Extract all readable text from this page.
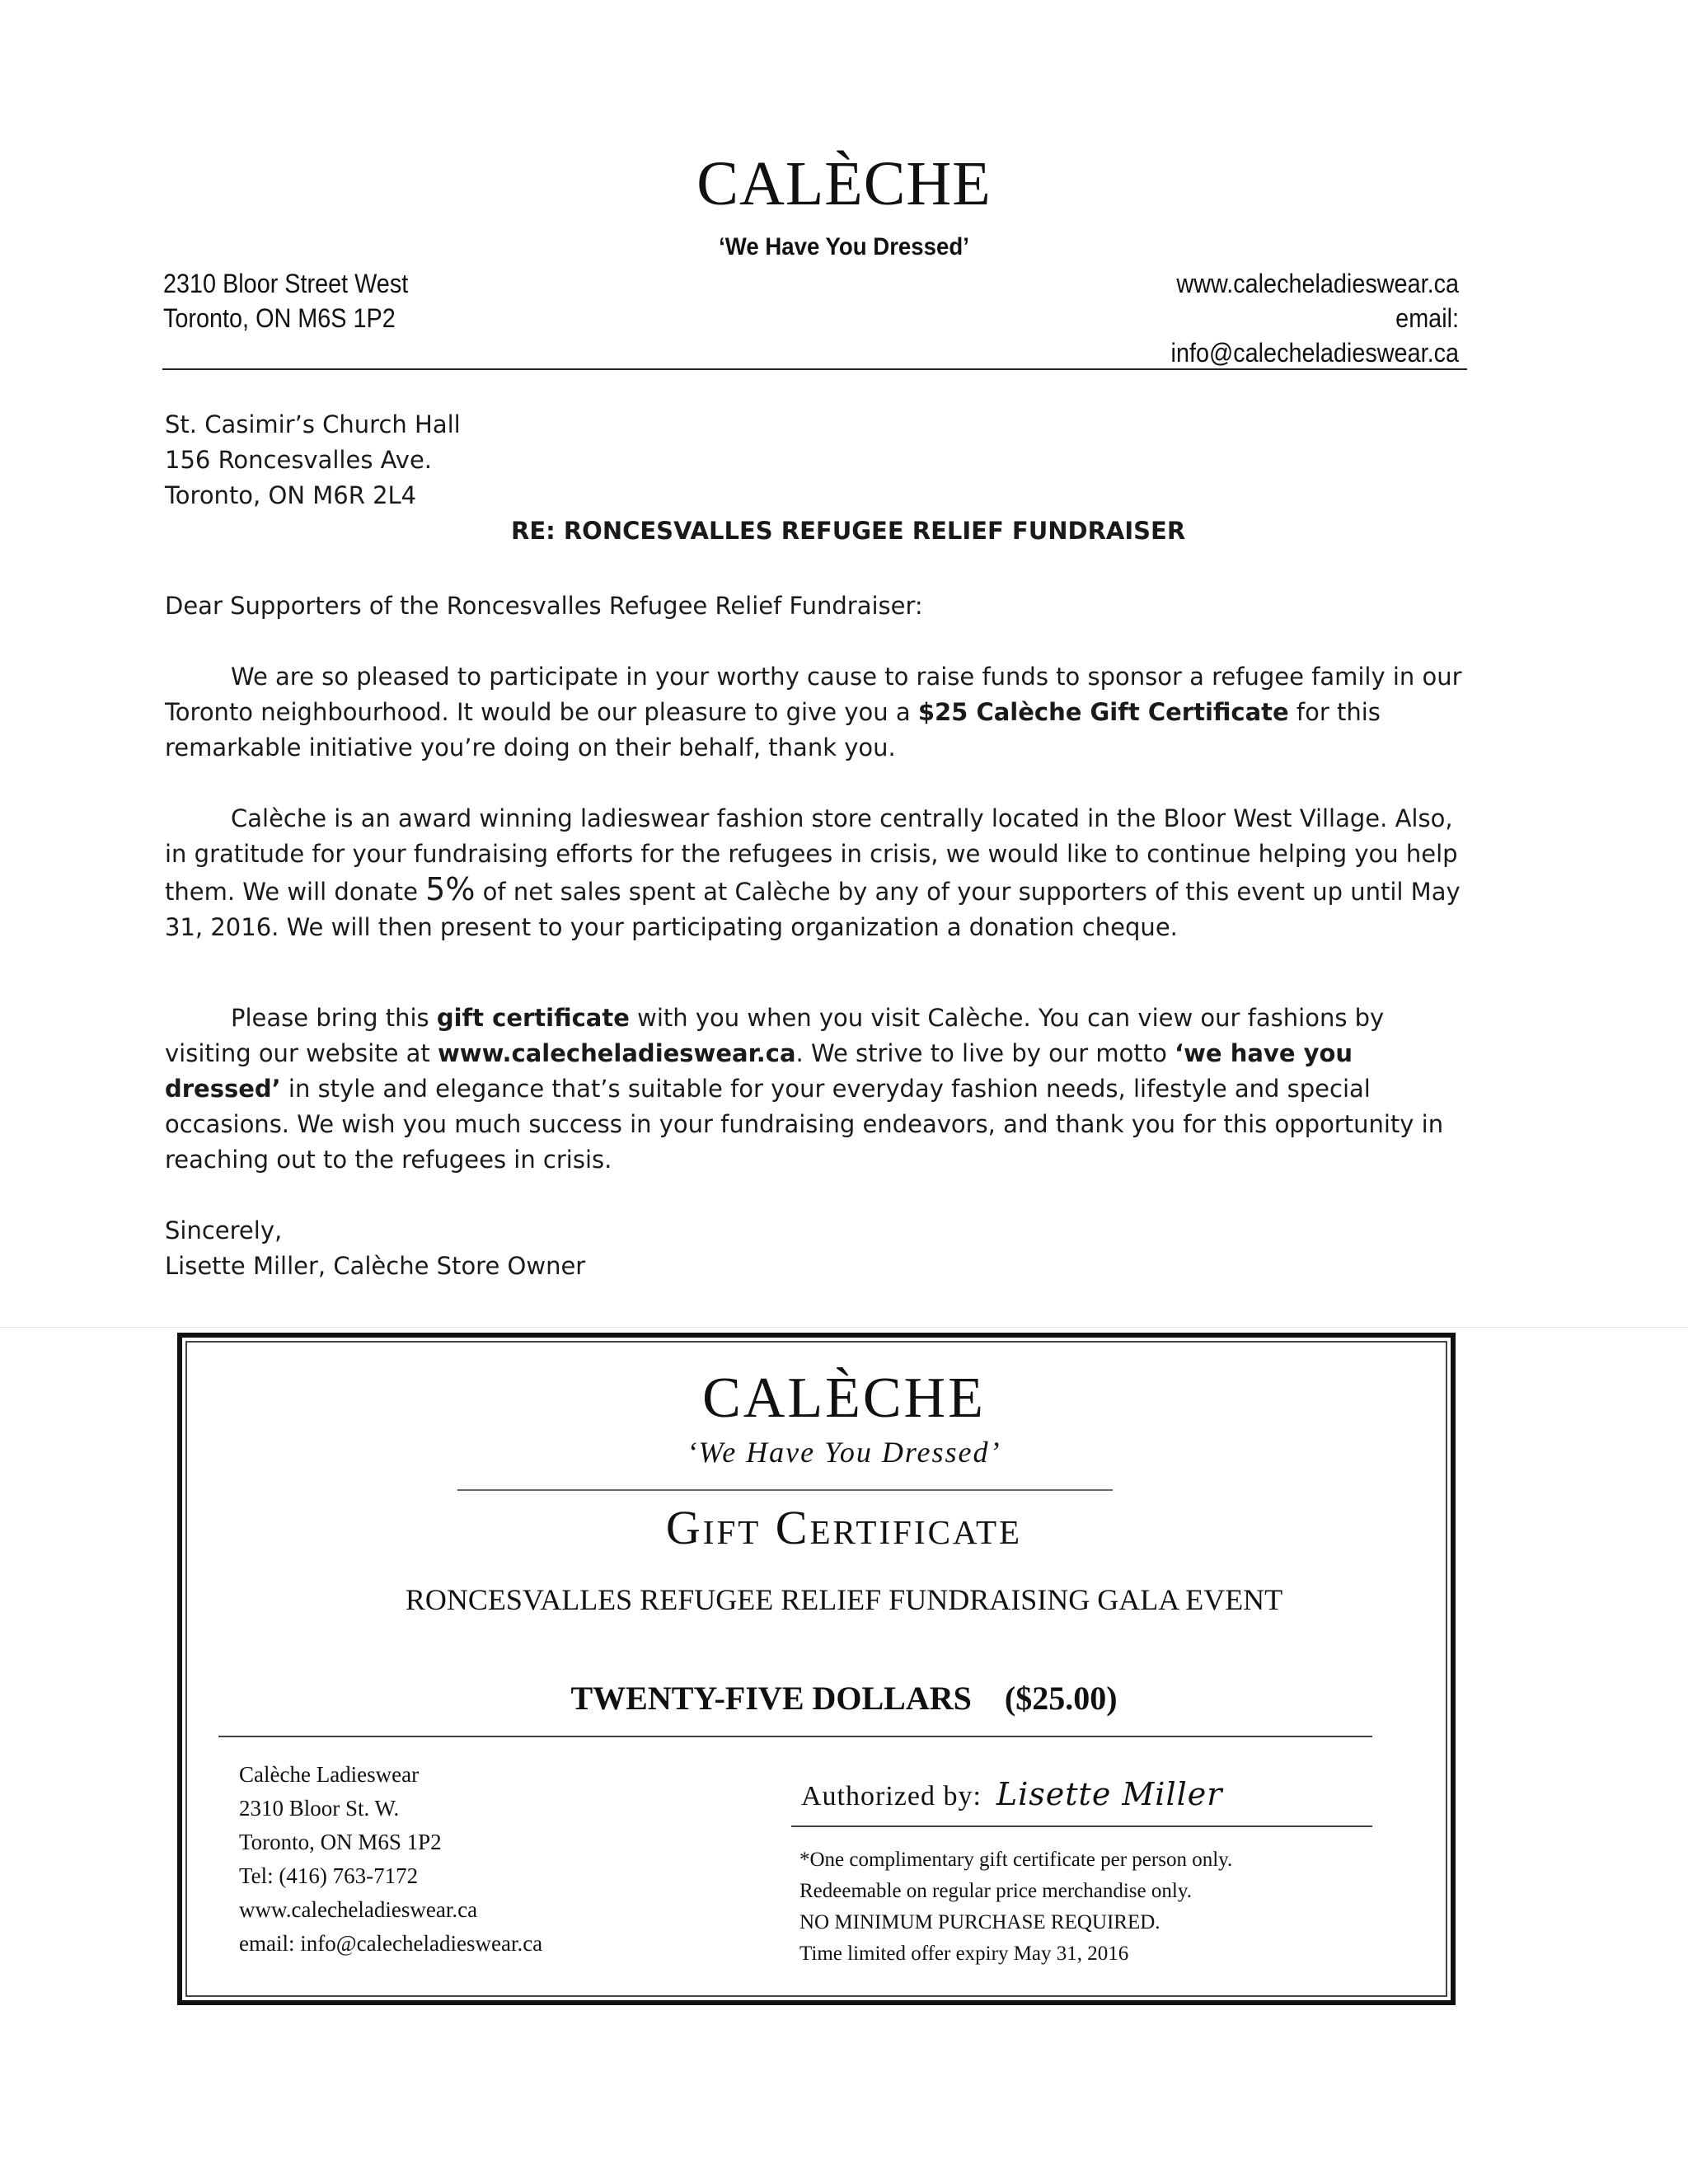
CALÈCHE
‘We Have You Dressed’
2310 Bloor Street West
Toronto, ON M6S 1P2
www.calecheladieswear.ca
email: info@calecheladieswear.ca
St. Casimir’s Church Hall
156 Roncesvalles Ave.
Toronto, ON M6R 2L4
RE: RONCESVALLES REFUGEE RELIEF FUNDRAISER
Dear Supporters of the Roncesvalles Refugee Relief Fundraiser:
We are so pleased to participate in your worthy cause to raise funds to sponsor a refugee family in our Toronto neighbourhood. It would be our pleasure to give you a $25 Calèche Gift Certificate for this remarkable initiative you’re doing on their behalf, thank you.
Calèche is an award winning ladieswear fashion store centrally located in the Bloor West Village. Also, in gratitude for your fundraising efforts for the refugees in crisis, we would like to continue helping you help them. We will donate 5% of net sales spent at Calèche by any of your supporters of this event up until May 31, 2016. We will then present to your participating organization a donation cheque.
Please bring this gift certificate with you when you visit Calèche. You can view our fashions by visiting our website at www.calecheladieswear.ca. We strive to live by our motto ‘we have you dressed’ in style and elegance that’s suitable for your everyday fashion needs, lifestyle and special occasions. We wish you much success in your fundraising endeavors, and thank you for this opportunity in reaching out to the refugees in crisis.
Sincerely,
Lisette Miller, Calèche Store Owner
CALÈCHE
‘We Have You Dressed’
Gift Certificate
RONCESVALLES REFUGEE RELIEF FUNDRAISING GALA EVENT
TWENTY-FIVE DOLLARS ($25.00)
Calèche Ladieswear
2310 Bloor St. W.
Toronto, ON M6S 1P2
Tel: (416) 763-7172
www.calecheladieswear.ca
email: info@calecheladieswear.ca
Authorized by: Lisette Miller
*One complimentary gift certificate per person only.
Redeemable on regular price merchandise only.
NO MINIMUM PURCHASE REQUIRED.
Time limited offer expiry May 31, 2016
